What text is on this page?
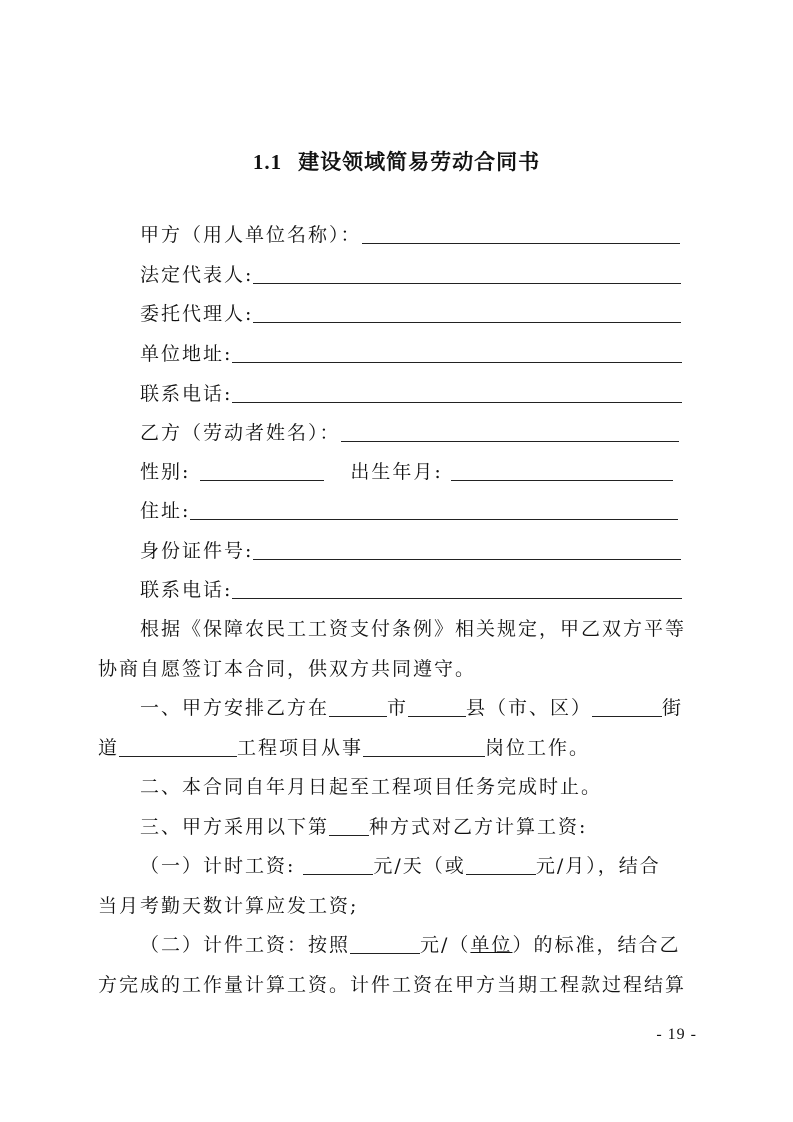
1.1 建设领域简易劳动合同书
甲方（用人单位名称）：
法定代表人:
委托代理人:
单位地址:
联系电话:
乙方（劳动者姓名）：
性别:	出生年月:
住址:
身份证件号:
联系电话:
根据《保障农民工工资支付条例》相关规定，甲乙双方平等
协商自愿签订本合同，供双方共同遵守。
一、甲方安排乙方在	市	县（市、区）	街
道	工程项目从事	岗位工作。
二、本合同自年月日起至工程项目任务完成时止。
三、甲方采用以下第 种方式对乙方计算工资:
（一）计时工资:	元/天（或	元/月），结合
当月考勤天数计算应发工资;
（二）计件工资：按照	元/（ 单位 ）的标准，结合乙
方完成的工作量计算工资。计件工资在甲方当期工程款过程结算
- 19 -
